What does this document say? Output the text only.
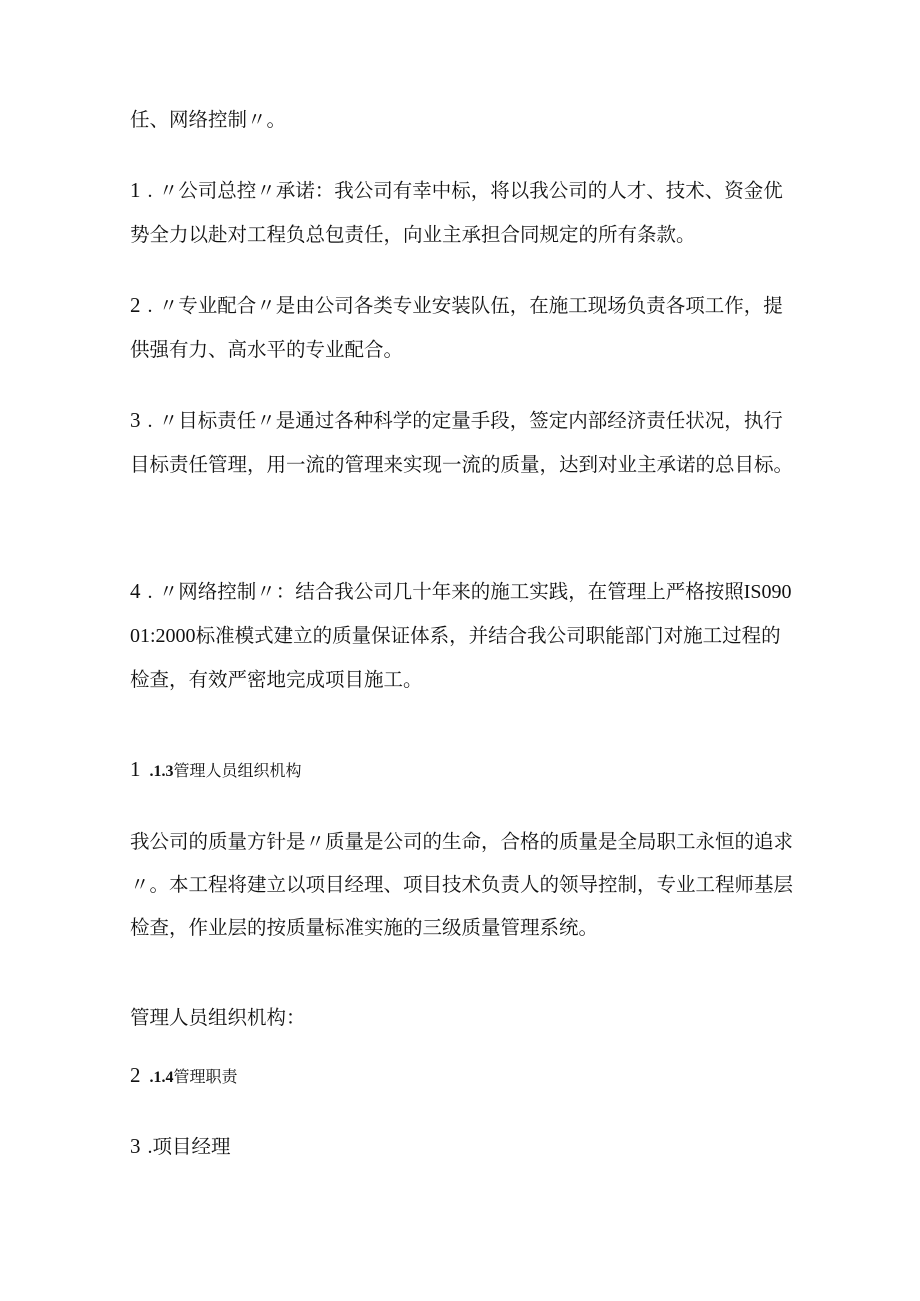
任、网络控制〃。

1 . 〃公司总控〃承诺：我公司有幸中标，将以我公司的人才、技术、资金优势全力以赴对工程负总包责任，向业主承担合同规定的所有条款。

2 . 〃专业配合〃是由公司各类专业安装队伍，在施工现场负责各项工作，提供强有力、高水平的专业配合。

3 . 〃目标责任〃是通过各种科学的定量手段，签定内部经济责任状况，执行目标责任管理，用一流的管理来实现一流的质量，达到对业主承诺的总目标。

4 . 〃网络控制〃：结合我公司几十年来的施工实践，在管理上严格按照IS09001:2000标准模式建立的质量保证体系，并结合我公司职能部门对施工过程的检查，有效严密地完成项目施工。

1 .1.3管理人员组织机构

我公司的质量方针是〃质量是公司的生命，合格的质量是全局职工永恒的追求〃。本工程将建立以项目经理、项目技术负责人的领导控制，专业工程师基层检查，作业层的按质量标准实施的三级质量管理系统。

管理人员组织机构：

2 .1.4管理职责

3 .项目经理
